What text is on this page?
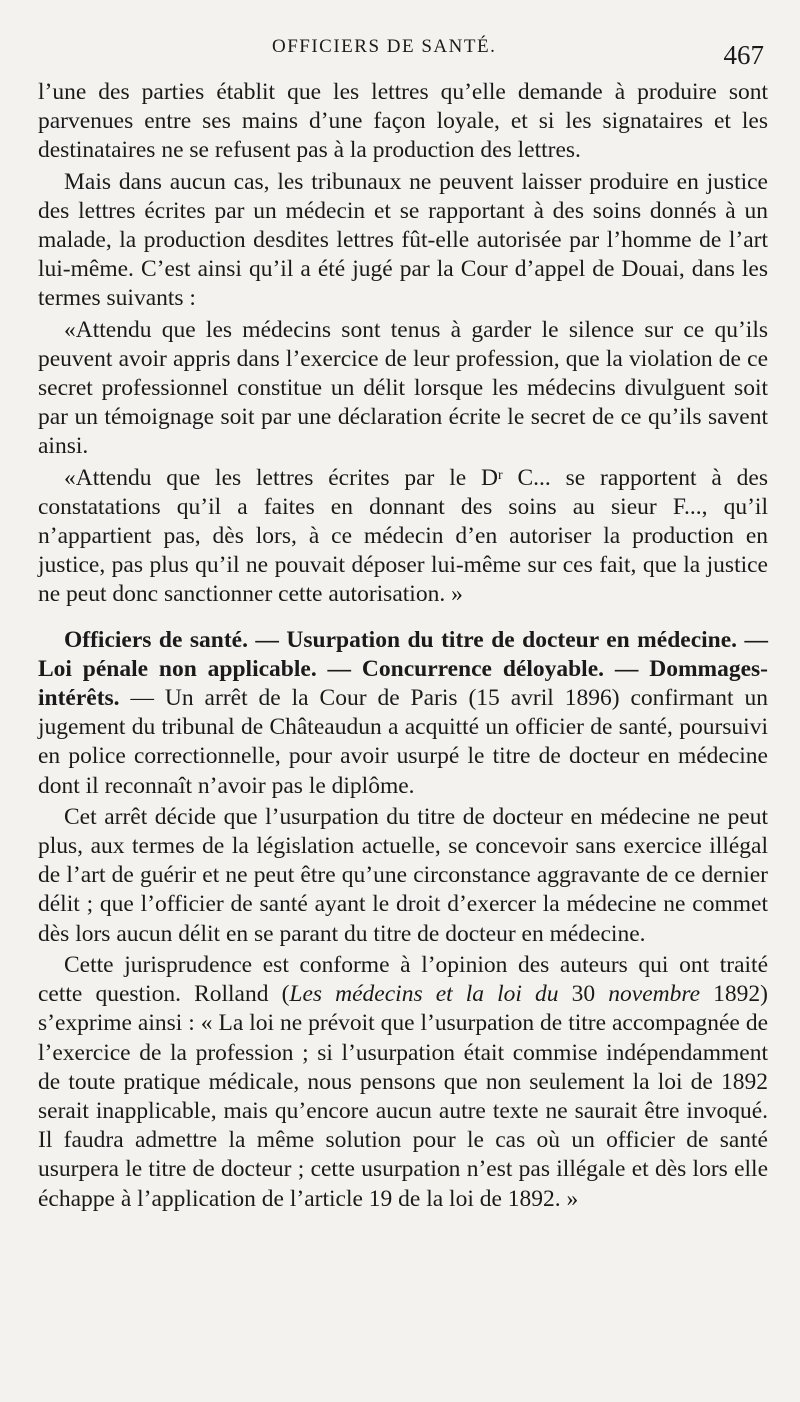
OFFICIERS DE SANTÉ.	467

l’une des parties établit que les lettres qu’elle demande à produire sont parvenues entre ses mains d’une façon loyale, et si les signataires et les destinataires ne se refusent pas à la production des lettres.

Mais dans aucun cas, les tribunaux ne peuvent laisser produire en justice des lettres écrites par un médecin et se rapportant à des soins donnés à un malade, la production desdites lettres fût-elle autorisée par l’homme de l’art lui-même. C’est ainsi qu’il a été jugé par la Cour d’appel de Douai, dans les termes suivants :

«Attendu que les médecins sont tenus à garder le silence sur ce qu’ils peuvent avoir appris dans l’exercice de leur profession, que la violation de ce secret professionnel constitue un délit lorsque les médecins divulguent soit par un témoignage soit par une déclaration écrite le secret de ce qu’ils savent ainsi.

«Attendu que les lettres écrites par le $D^r$ C... se rapportent à des constatations qu’il a faites en donnant des soins au sieur F..., qu’il n’appartient pas, dès lors, à ce médecin d’en autoriser la production en justice, pas plus qu’il ne pouvait déposer lui-même sur ces fait, que la justice ne peut donc sanctionner cette autorisation. »

Officiers de santé. — Usurpation du titre de docteur en médecine. — Loi pénale non applicable. — Concurrence déloyable. — Dommages-intérêts. — Un arrêt de la Cour de Paris (15 avril 1896) confirmant un jugement du tribunal de Châteaudun a acquitté un officier de santé, poursuivi en police correctionnelle, pour avoir usurpé le titre de docteur en médecine dont il reconnaît n’avoir pas le diplôme.

Cet arrêt décide que l’usurpation du titre de docteur en médecine ne peut plus, aux termes de la législation actuelle, se concevoir sans exercice illégal de l’art de guérir et ne peut être qu’une circonstance aggravante de ce dernier délit ; que l’officier de santé ayant le droit d’exercer la médecine ne commet dès lors aucun délit en se parant du titre de docteur en médecine.

Cette jurisprudence est conforme à l’opinion des auteurs qui ont traité cette question. Rolland (Les médecins et la loi du 30 novembre 1892) s’exprime ainsi : « La loi ne prévoit que l’usurpation de titre accompagnée de l’exercice de la profession ; si l’usurpation était commise indépendamment de toute pratique médicale, nous pensons que non seulement la loi de 1892 serait inapplicable, mais qu’encore aucun autre texte ne saurait être invoqué. Il faudra admettre la même solution pour le cas où un officier de santé usurpera le titre de docteur ; cette usurpation n’est pas illégale et dès lors elle échappe à l’application de l’article 19 de la loi de 1892. »
